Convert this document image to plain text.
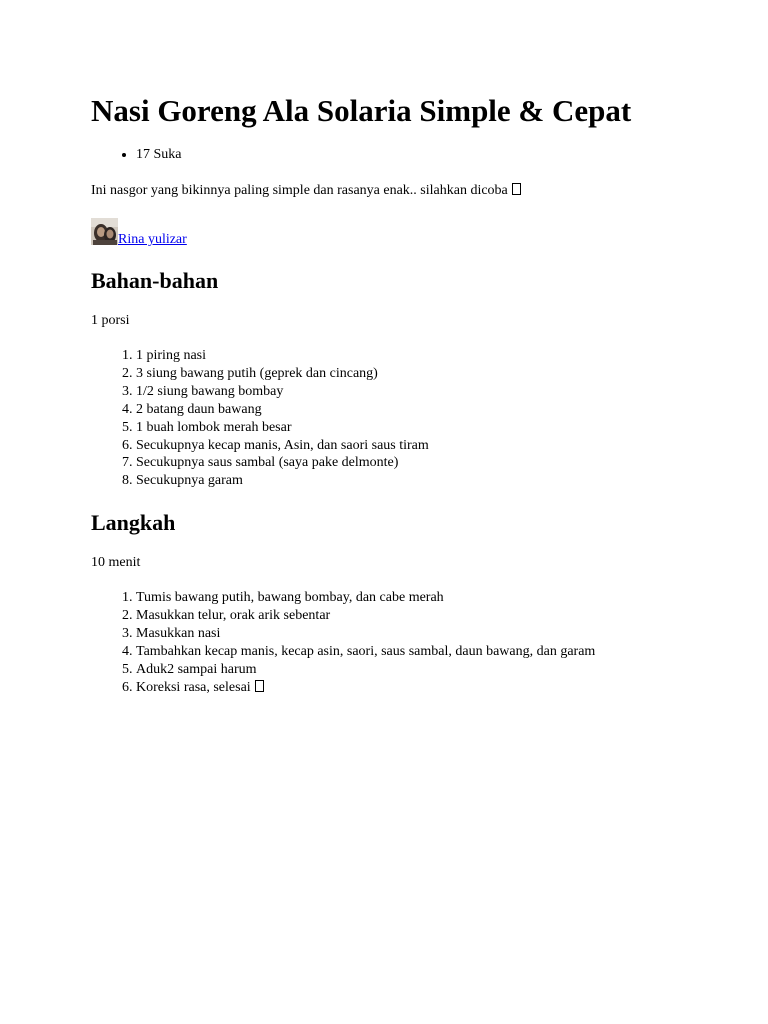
Nasi Goreng Ala Solaria Simple & Cepat
• 17 Suka

Ini nasgor yang bikinnya paling simple dan rasanya enak.. silahkan dicoba

Rina yulizar
Bahan-bahan

1 porsi

1. 1 piring nasi
2. 3 siung bawang putih (geprek dan cincang)
3. 1/2 siung bawang bombay
4. 2 batang daun bawang
5. 1 buah lombok merah besar
6. Secukupnya kecap manis, Asin, dan saori saus tiram
7. Secukupnya saus sambal (saya pake delmonte)
8. Secukupnya garam
Langkah

10 menit

1. Tumis bawang putih, bawang bombay, dan cabe merah
2. Masukkan telur, orak arik sebentar
3. Masukkan nasi
4. Tambahkan kecap manis, kecap asin, saori, saus sambal, daun bawang, dan garam
5. Aduk2 sampai harum
6. Koreksi rasa, selesai
